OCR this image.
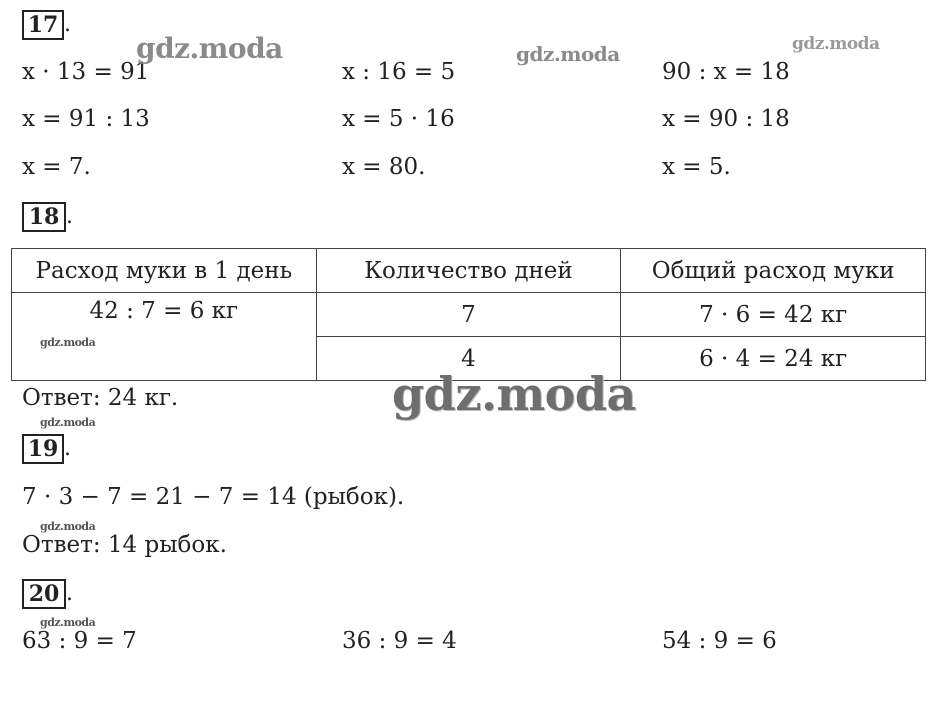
17 .
x · 13 = 91
x = 91 : 13
x = 7.
x : 16 = 5
x = 5 · 16
x = 80.
90 : x = 18
x = 90 : 18
x = 5.
18 .
Расход муки в 1 день	Количество дней	Общий расход муки
42 : 7 = 6 кг	7	7 · 6 = 42 кг
	4	6 · 4 = 24 кг
Ответ: 24 кг.
19 .
7 · 3 − 7 = 21 − 7 = 14 (рыбок).
Ответ: 14 рыбок.
20 .
63 : 9 = 7	36 : 9 = 4	54 : 9 = 6
gdz.moda	gdz.moda	gdz.moda
gdz.moda
gdz.moda
gdz.moda
gdz.moda
gdz.moda
